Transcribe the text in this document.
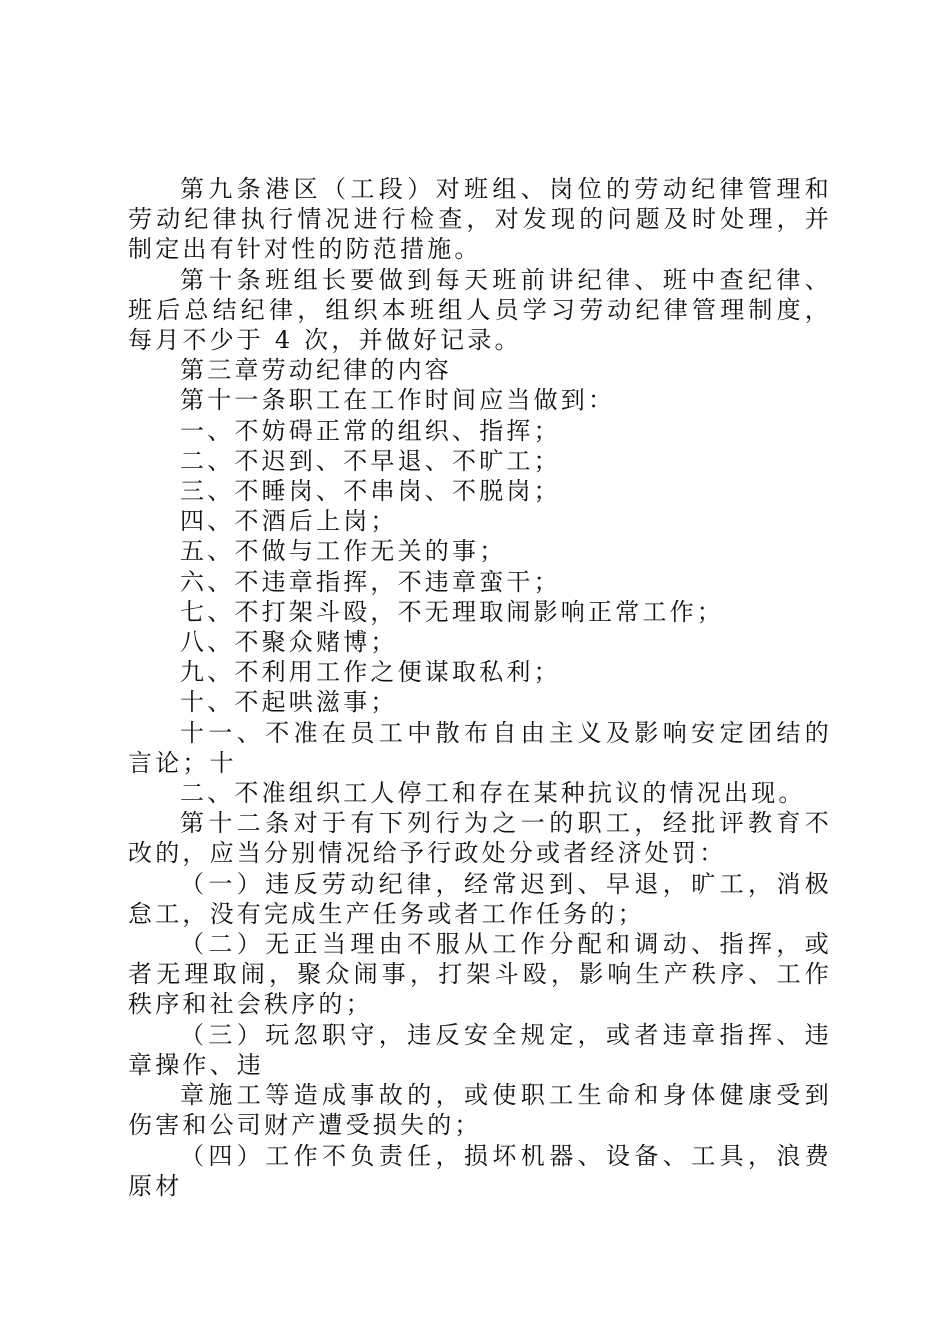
第九条港区（工段）对班组、岗位的劳动纪律管理和劳动纪律执行情况进行检查，对发现的问题及时处理，并制定出有针对性的防范措施。

第十条班组长要做到每天班前讲纪律、班中查纪律、班后总结纪律，组织本班组人员学习劳动纪律管理制度，每月不少于 4 次，并做好记录。

第三章劳动纪律的内容

第十一条职工在工作时间应当做到：

一、不妨碍正常的组织、指挥；

二、不迟到、不早退、不旷工；

三、不睡岗、不串岗、不脱岗；

四、不酒后上岗；

五、不做与工作无关的事；

六、不违章指挥，不违章蛮干；

七、不打架斗殴，不无理取闹影响正常工作；

八、不聚众赌博；

九、不利用工作之便谋取私利；

十、不起哄滋事；

十一、不准在员工中散布自由主义及影响安定团结的言论；十

二、不准组织工人停工和存在某种抗议的情况出现。

第十二条对于有下列行为之一的职工，经批评教育不改的，应当分别情况给予行政处分或者经济处罚：

（一）违反劳动纪律，经常迟到、早退，旷工，消极怠工，没有完成生产任务或者工作任务的；

（二）无正当理由不服从工作分配和调动、指挥，或者无理取闹，聚众闹事，打架斗殴，影响生产秩序、工作秩序和社会秩序的；

（三）玩忽职守，违反安全规定，或者违章指挥、违章操作、违

章施工等造成事故的，或使职工生命和身体健康受到伤害和公司财产遭受损失的；

（四）工作不负责任，损坏机器、设备、工具，浪费原材
